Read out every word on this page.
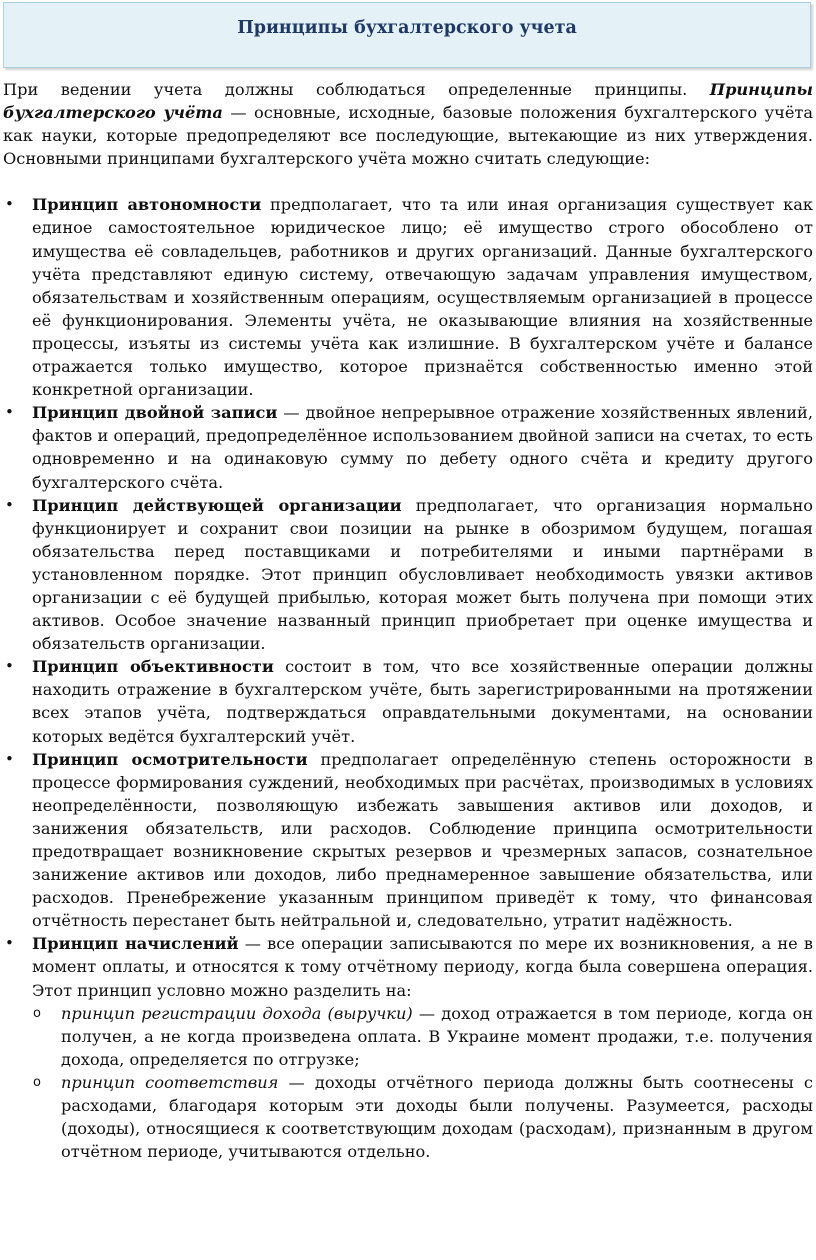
Принципы бухгалтерского учета

При ведении учета должны соблюдаться определенные принципы. Принципы бухгалтерского учёта — основные, исходные, базовые положения бухгалтерского учёта как науки, которые предопределяют все последующие, вытекающие из них утверждения. Основными принципами бухгалтерского учёта можно считать следующие:

• Принцип автономности предполагает, что та или иная организация существует как единое самостоятельное юридическое лицо; её имущество строго обособлено от имущества её совладельцев, работников и других организаций. Данные бухгалтерского учёта представляют единую систему, отвечающую задачам управления имуществом, обязательствам и хозяйственным операциям, осуществляемым организацией в процессе её функционирования. Элементы учёта, не оказывающие влияния на хозяйственные процессы, изъяты из системы учёта как излишние. В бухгалтерском учёте и балансе отражается только имущество, которое признаётся собственностью именно этой конкретной организации.
• Принцип двойной записи — двойное непрерывное отражение хозяйственных явлений, фактов и операций, предопределённое использованием двойной записи на счетах, то есть одновременно и на одинаковую сумму по дебету одного счёта и кредиту другого бухгалтерского счёта.
• Принцип действующей организации предполагает, что организация нормально функционирует и сохранит свои позиции на рынке в обозримом будущем, погашая обязательства перед поставщиками и потребителями и иными партнёрами в установленном порядке. Этот принцип обусловливает необходимость увязки активов организации с её будущей прибылью, которая может быть получена при помощи этих активов. Особое значение названный принцип приобретает при оценке имущества и обязательств организации.
• Принцип объективности состоит в том, что все хозяйственные операции должны находить отражение в бухгалтерском учёте, быть зарегистрированными на протяжении всех этапов учёта, подтверждаться оправдательными документами, на основании которых ведётся бухгалтерский учёт.
• Принцип осмотрительности предполагает определённую степень осторожности в процессе формирования суждений, необходимых при расчётах, производимых в условиях неопределённости, позволяющую избежать завышения активов или доходов, и занижения обязательств, или расходов. Соблюдение принципа осмотрительности предотвращает возникновение скрытых резервов и чрезмерных запасов, сознательное занижение активов или доходов, либо преднамеренное завышение обязательства, или расходов. Пренебрежение указанным принципом приведёт к тому, что финансовая отчётность перестанет быть нейтральной и, следовательно, утратит надёжность.
• Принцип начислений — все операции записываются по мере их возникновения, а не в момент оплаты, и относятся к тому отчётному периоду, когда была совершена операция. Этот принцип условно можно разделить на:
o принцип регистрации дохода (выручки) — доход отражается в том периоде, когда он получен, а не когда произведена оплата. В Украине момент продажи, т.е. получения дохода, определяется по отгрузке;
o принцип соответствия — доходы отчётного периода должны быть соотнесены с расходами, благодаря которым эти доходы были получены. Разумеется, расходы (доходы), относящиеся к соответствующим доходам (расходам), признанным в другом отчётном периоде, учитываются отдельно.
